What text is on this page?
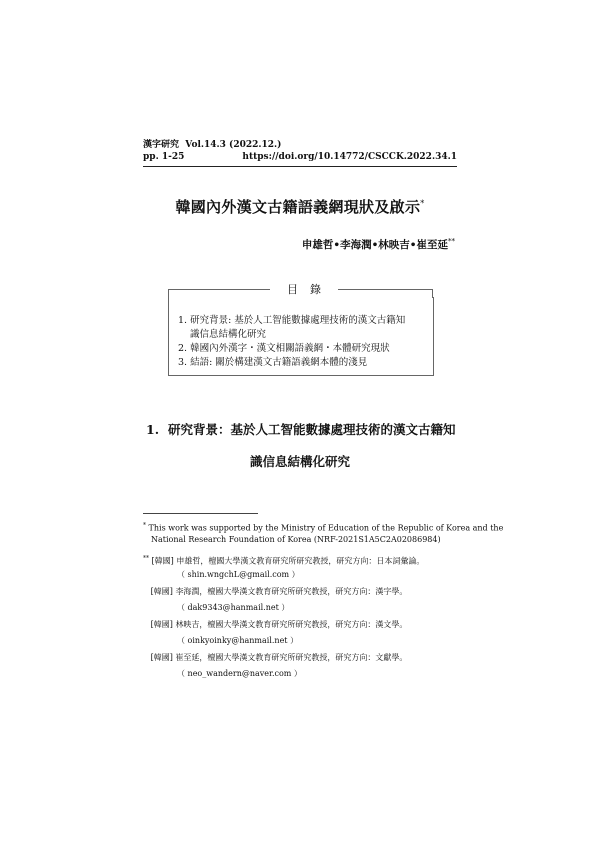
漢字研究 Vol.14.3 (2022.12.)
pp. 1-25	https://doi.org/10.14772/CSCCK.2022.34.1
韓國內外漢文古籍語義網現狀及啟示*
申雄哲•李海潤•林映吉•崔至延**
目錄
1. 研究背景: 基於人工智能數據處理技術的漢文古籍知
識信息結構化研究
2. 韓國內外漢字・漢文相關語義網・本體研究現狀
3. 結語: 關於構建漢文古籍語義網本體的淺見
1. 研究背景：基於人工智能數據處理技術的漢文古籍知
識信息結構化研究
* This work was supported by the Ministry of Education of the Republic of Korea and the
National Research Foundation of Korea (NRF-2021S1A5C2A02086984)
** [韓國] 申雄哲，檀國大學漢文教育研究所研究教授，研究方向：日本詞彙論。
（ shin.wngchL@gmail.com ）
[韓國] 李海潤，檀國大學漢文教育研究所研究教授，研究方向：漢字學。
（ dak9343@hanmail.net ）
[韓國] 林映吉，檀國大學漢文教育研究所研究教授，研究方向：漢文學。
（ oinkyoinky@hanmail.net ）
[韓國] 崔至延，檀國大學漢文教育研究所研究教授，研究方向：文獻學。
（ neo_wandern@naver.com ）
